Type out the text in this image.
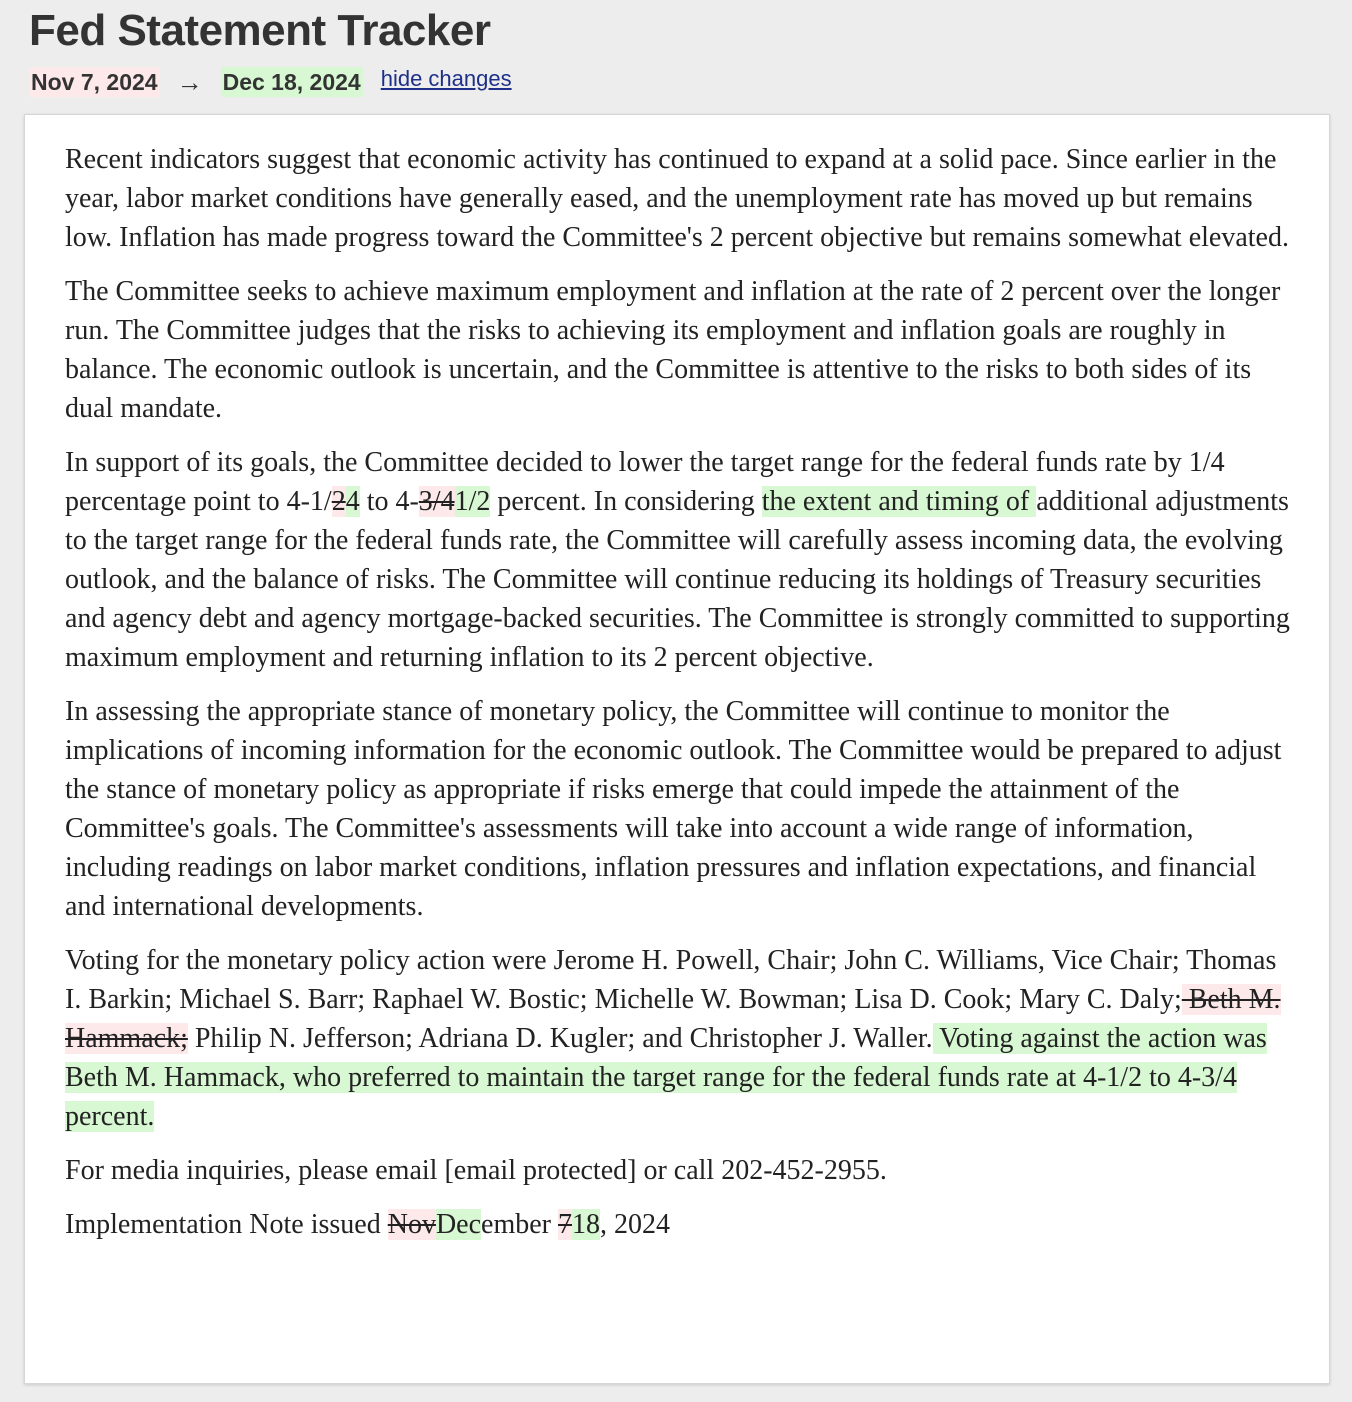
Fed Statement Tracker
Nov 7, 2024 → Dec 18, 2024 hide changes

Recent indicators suggest that economic activity has continued to expand at a solid pace. Since earlier in the year, labor market conditions have generally eased, and the unemployment rate has moved up but remains low. Inflation has made progress toward the Committee's 2 percent objective but remains somewhat elevated.

The Committee seeks to achieve maximum employment and inflation at the rate of 2 percent over the longer run. The Committee judges that the risks to achieving its employment and inflation goals are roughly in balance. The economic outlook is uncertain, and the Committee is attentive to the risks to both sides of its dual mandate.

In support of its goals, the Committee decided to lower the target range for the federal funds rate by 1/4 percentage point to 4-1/24 to 4-3/41/2 percent. In considering the extent and timing of additional adjustments to the target range for the federal funds rate, the Committee will carefully assess incoming data, the evolving outlook, and the balance of risks. The Committee will continue reducing its holdings of Treasury securities and agency debt and agency mortgage-backed securities. The Committee is strongly committed to supporting maximum employment and returning inflation to its 2 percent objective.

In assessing the appropriate stance of monetary policy, the Committee will continue to monitor the implications of incoming information for the economic outlook. The Committee would be prepared to adjust the stance of monetary policy as appropriate if risks emerge that could impede the attainment of the Committee's goals. The Committee's assessments will take into account a wide range of information, including readings on labor market conditions, inflation pressures and inflation expectations, and financial and international developments.

Voting for the monetary policy action were Jerome H. Powell, Chair; John C. Williams, Vice Chair; Thomas I. Barkin; Michael S. Barr; Raphael W. Bostic; Michelle W. Bowman; Lisa D. Cook; Mary C. Daly; Beth M. Hammack; Philip N. Jefferson; Adriana D. Kugler; and Christopher J. Waller. Voting against the action was Beth M. Hammack, who preferred to maintain the target range for the federal funds rate at 4-1/2 to 4-3/4 percent.

For media inquiries, please email [email protected] or call 202-452-2955.

Implementation Note issued NovDecember 718, 2024
